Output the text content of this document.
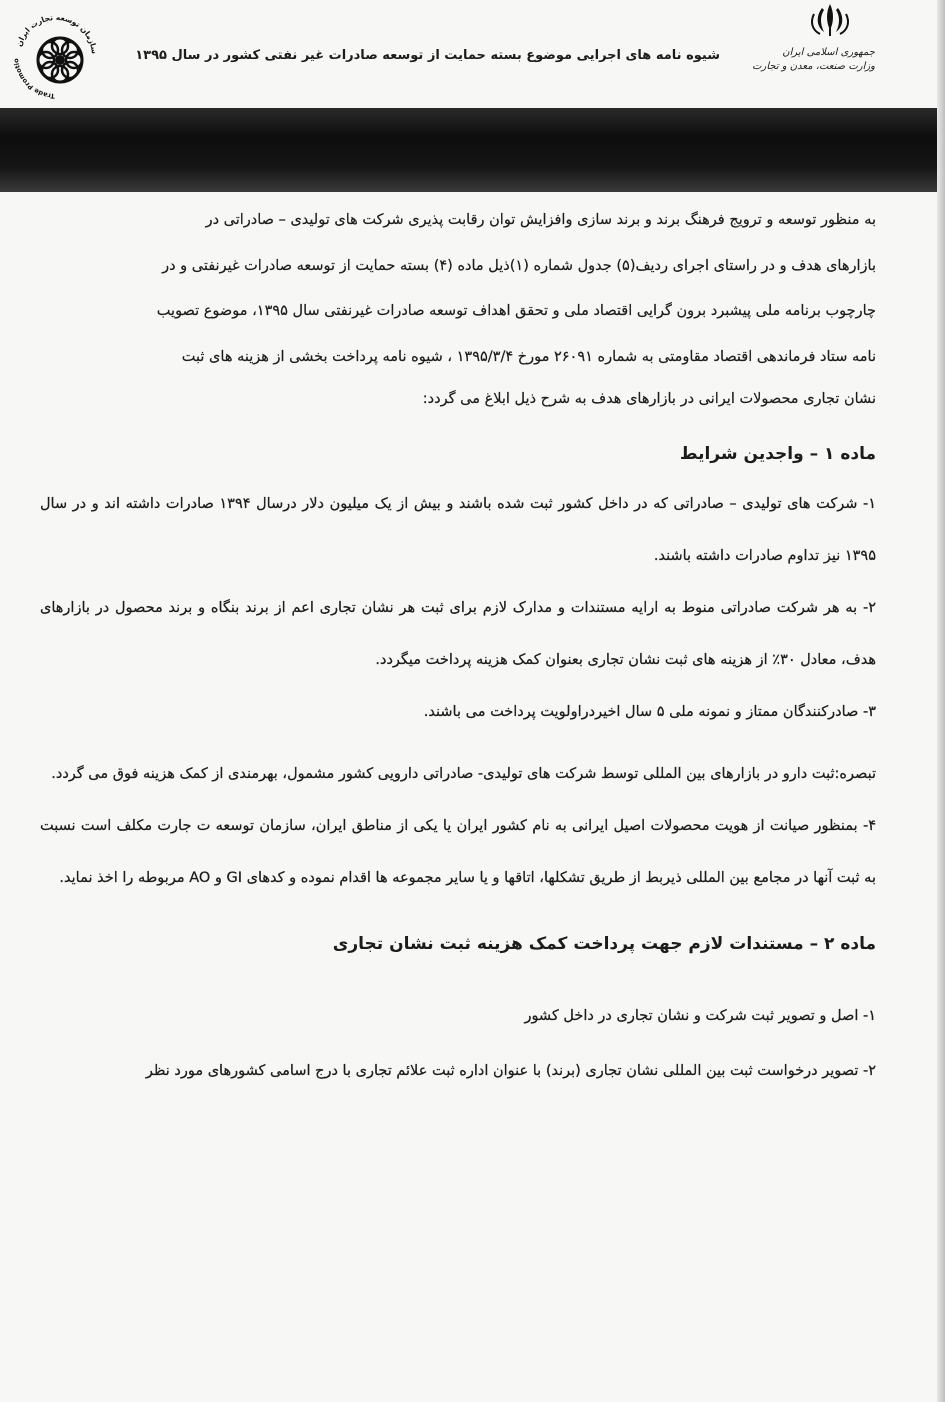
جمهوری اسلامی ایران
وزارت صنعت، معدن و تجارت
سازمان توسعه تجارت ایران
Trade Promotio	شیوه نامه های اجرایی موضوع بسته حمایت از توسعه صادرات غیر نفتی کشور در سال ۱۳۹۵
به منظور توسعه و ترویج فرهنگ برند و برند سازی وافزایش توان رقابت پذیری شرکت های تولیدی – صادراتی در
بازارهای هدف و در راستای اجرای ردیف(۵) جدول شماره (۱)ذیل ماده (۴) بسته حمایت از توسعه صادرات غیرنفتی و در
چارچوب برنامه ملی پیشبرد برون گرایی اقتصاد ملی و تحقق اهداف توسعه صادرات غیرنفتی سال ۱۳۹۵، موضوع تصویب
نامه ستاد فرماندهی اقتصاد مقاومتی به شماره ۲۶۰۹۱ مورخ ۱۳۹۵/۳/۴ ، شیوه نامه پرداخت بخشی از هزینه های ثبت
نشان تجاری محصولات ایرانی در بازارهای هدف به شرح ذیل ابلاغ می گردد:
ماده ۱ – واجدین شرایط
۱- شرکت های تولیدی – صادراتی که در داخل کشور ثبت شده باشند و بیش از یک میلیون دلار درسال ۱۳۹۴ صادرات داشته اند و در سال ۱۳۹۵ نیز تداوم صادرات داشته باشند.
۲- به هر شرکت صادراتی منوط به ارایه مستندات و مدارک لازم برای ثبت هر نشان تجاری اعم از برند بنگاه و برند محصول در بازارهای هدف، معادل ۳۰٪ از هزینه های ثبت نشان تجاری بعنوان کمک هزینه پرداخت میگردد.
۳- صادرکنندگان ممتاز و نمونه ملی ۵ سال اخیردراولویت پرداخت می باشند.
تبصره:ثبت دارو در بازارهای بین المللی توسط شرکت های تولیدی- صادراتی دارویی کشور مشمول، بهرمندی از کمک هزینه فوق می گردد.
۴- بمنظور صیانت از هویت محصولات اصیل ایرانی به نام کشور ایران یا یکی از مناطق ایران، سازمان توسعه ت جارت مکلف است نسبت به ثبت آنها در مجامع بین المللی ذیربط از طریق تشکلها، اتاقها و یا سایر مجموعه ها اقدام نموده و کدهای GI و AO مربوطه را اخذ نماید.
ماده ۲ – مستندات لازم جهت پرداخت کمک هزینه ثبت نشان تجاری
۱- اصل و تصویر ثبت شرکت و نشان تجاری در داخل کشور
۲- تصویر درخواست ثبت بین المللی نشان تجاری (برند) با عنوان اداره ثبت علائم تجاری با درج اسامی کشورهای مورد نظر
